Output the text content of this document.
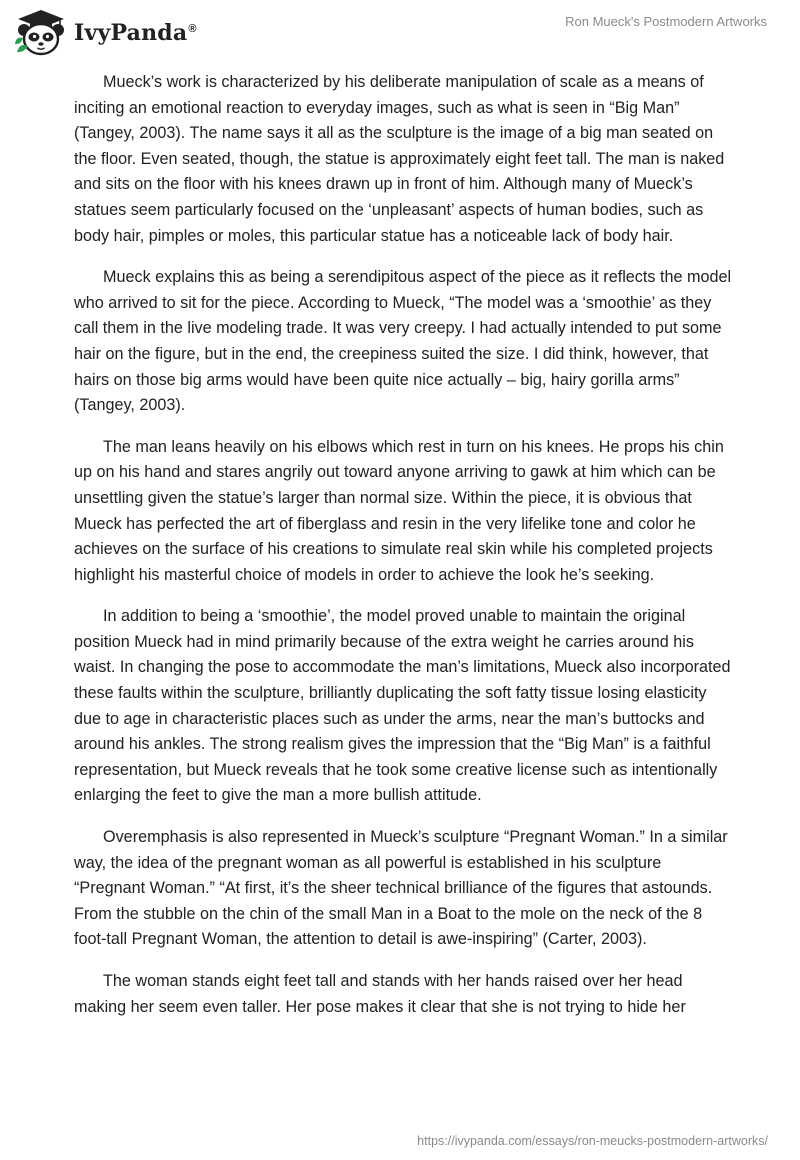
IvyPanda®	Ron Mueck's Postmodern Artworks

Mueck’s work is characterized by his deliberate manipulation of scale as a means of inciting an emotional reaction to everyday images, such as what is seen in “Big Man” (Tangey, 2003). The name says it all as the sculpture is the image of a big man seated on the floor. Even seated, though, the statue is approximately eight feet tall. The man is naked and sits on the floor with his knees drawn up in front of him. Although many of Mueck’s statues seem particularly focused on the ‘unpleasant’ aspects of human bodies, such as body hair, pimples or moles, this particular statue has a noticeable lack of body hair.

Mueck explains this as being a serendipitous aspect of the piece as it reflects the model who arrived to sit for the piece. According to Mueck, “The model was a ‘smoothie’ as they call them in the live modeling trade. It was very creepy. I had actually intended to put some hair on the figure, but in the end, the creepiness suited the size. I did think, however, that hairs on those big arms would have been quite nice actually – big, hairy gorilla arms” (Tangey, 2003).

The man leans heavily on his elbows which rest in turn on his knees. He props his chin up on his hand and stares angrily out toward anyone arriving to gawk at him which can be unsettling given the statue’s larger than normal size. Within the piece, it is obvious that Mueck has perfected the art of fiberglass and resin in the very lifelike tone and color he achieves on the surface of his creations to simulate real skin while his completed projects highlight his masterful choice of models in order to achieve the look he’s seeking.

In addition to being a ‘smoothie’, the model proved unable to maintain the original position Mueck had in mind primarily because of the extra weight he carries around his waist. In changing the pose to accommodate the man’s limitations, Mueck also incorporated these faults within the sculpture, brilliantly duplicating the soft fatty tissue losing elasticity due to age in characteristic places such as under the arms, near the man’s buttocks and around his ankles. The strong realism gives the impression that the “Big Man” is a faithful representation, but Mueck reveals that he took some creative license such as intentionally enlarging the feet to give the man a more bullish attitude.

Overemphasis is also represented in Mueck’s sculpture “Pregnant Woman.” In a similar way, the idea of the pregnant woman as all powerful is established in his sculpture “Pregnant Woman.” “At first, it’s the sheer technical brilliance of the figures that astounds. From the stubble on the chin of the small Man in a Boat to the mole on the neck of the 8 foot-tall Pregnant Woman, the attention to detail is awe-inspiring” (Carter, 2003).

The woman stands eight feet tall and stands with her hands raised over her head making her seem even taller. Her pose makes it clear that she is not trying to hide her

https://ivypanda.com/essays/ron-meucks-postmodern-artworks/
